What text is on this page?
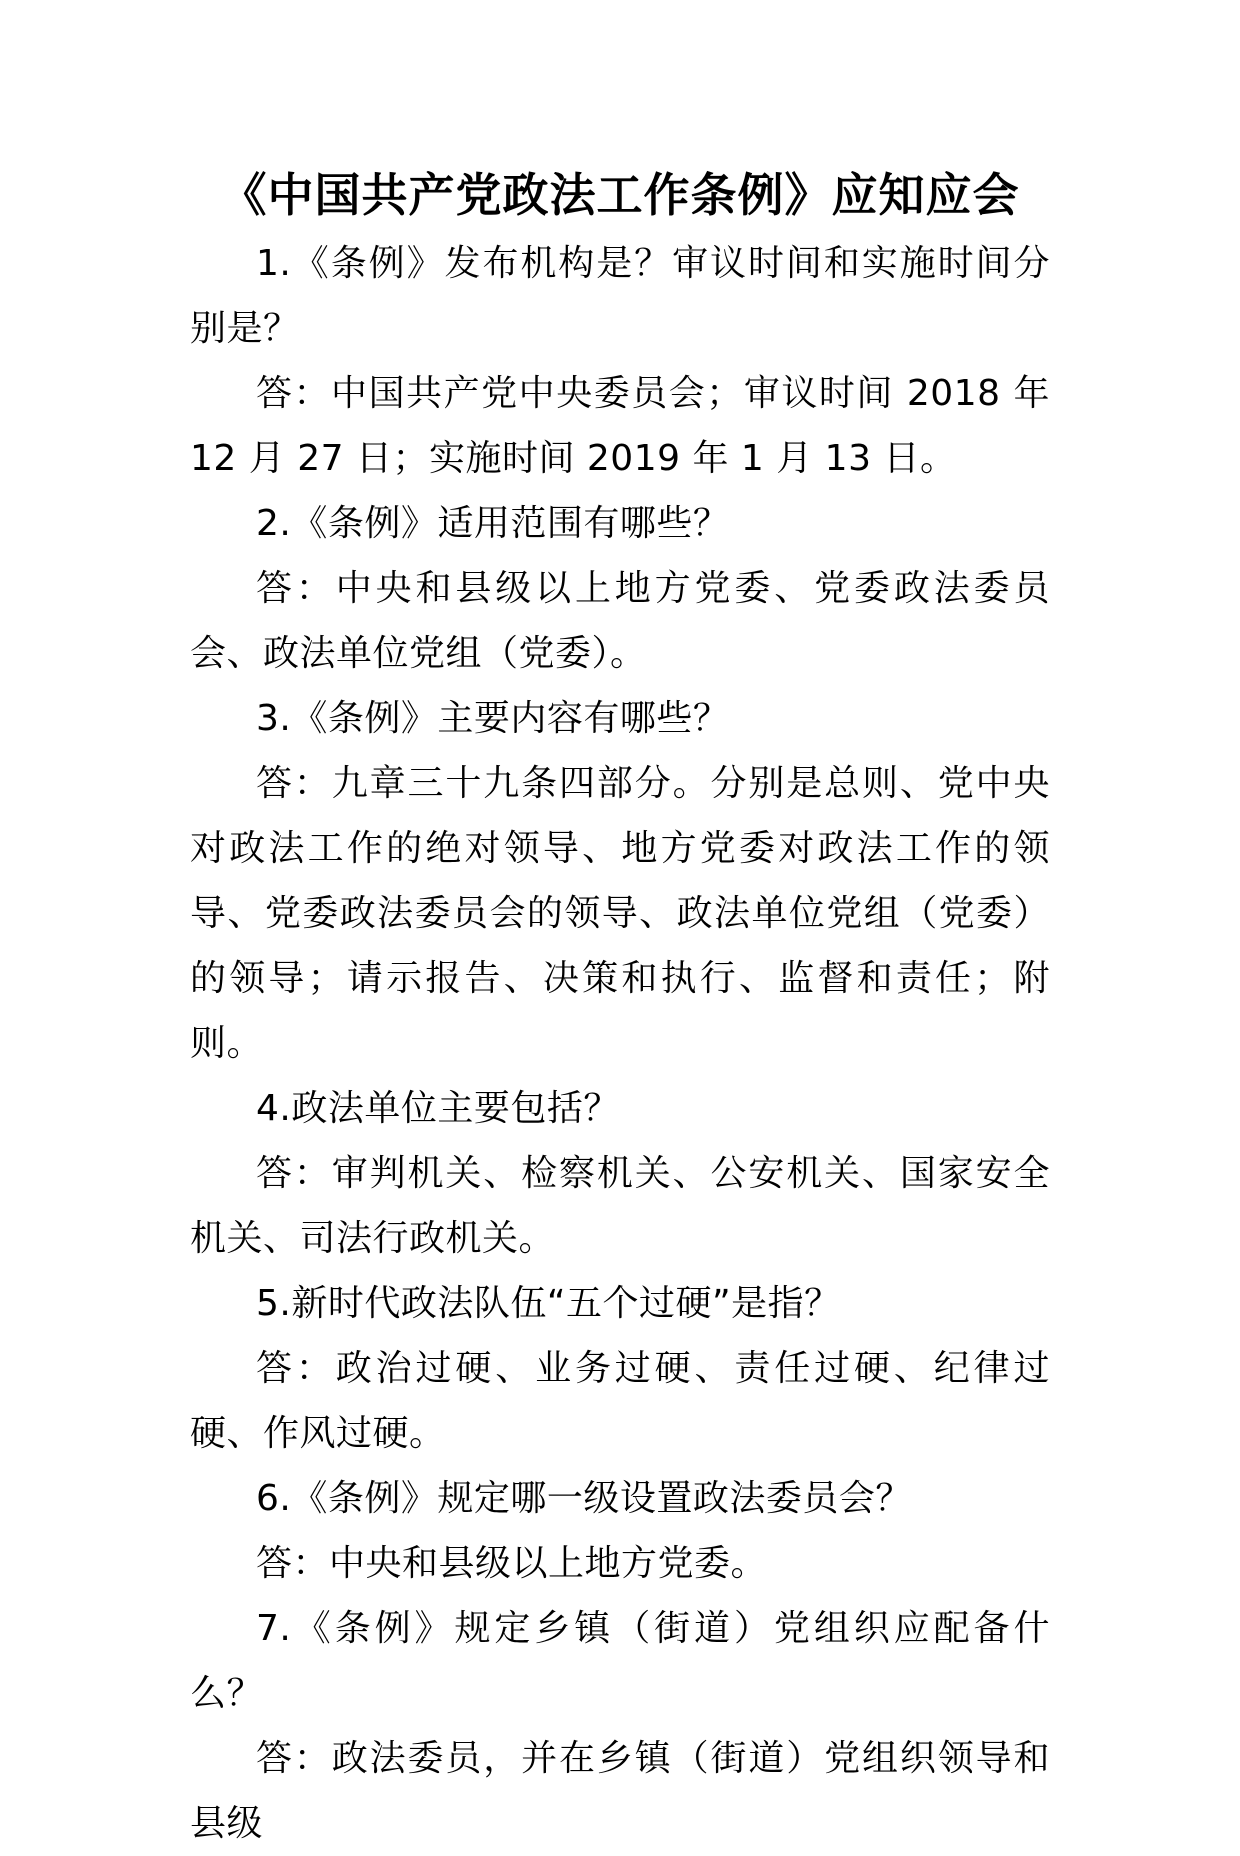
《中国共产党政法工作条例》应知应会

1.《条例》发布机构是？审议时间和实施时间分别是？

答：中国共产党中央委员会；审议时间 2018 年 12 月 27 日；实施时间 2019 年 1 月 13 日。

2.《条例》适用范围有哪些？

答：中央和县级以上地方党委、党委政法委员会、政法单位党组（党委）。

3.《条例》主要内容有哪些？

答：九章三十九条四部分。分别是总则、党中央对政法工作的绝对领导、地方党委对政法工作的领导、党委政法委员会的领导、政法单位党组（党委）的领导；请示报告、决策和执行、监督和责任；附则。

4.政法单位主要包括？

答：审判机关、检察机关、公安机关、国家安全机关、司法行政机关。

5.新时代政法队伍“五个过硬”是指？

答：政治过硬、业务过硬、责任过硬、纪律过硬、作风过硬。

6.《条例》规定哪一级设置政法委员会？

答：中央和县级以上地方党委。

7.《条例》规定乡镇（街道）党组织应配备什么？

答：政法委员，并在乡镇（街道）党组织领导和县级
